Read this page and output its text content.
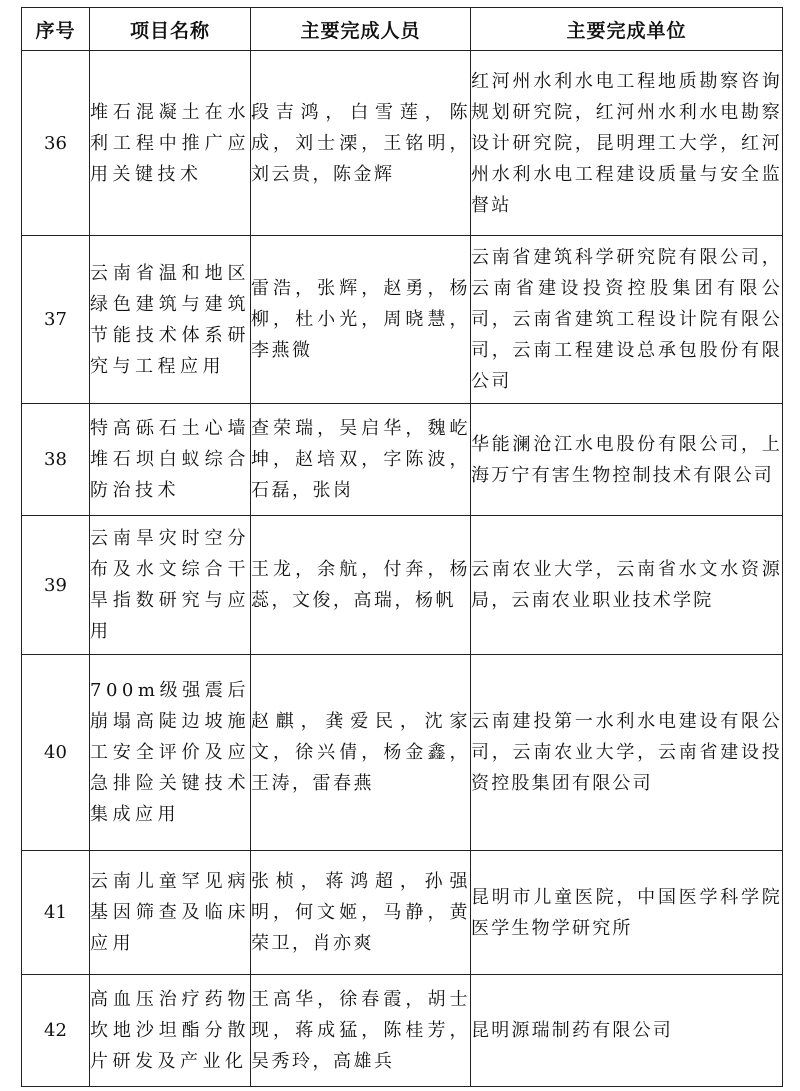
序号	项目名称	主要完成人员	主要完成单位
36	堆石混凝土在水利工程中推广应用关键技术	段吉鸿，白雪莲，陈成，刘士溧，王铭明，刘云贵，陈金辉	红河州水利水电工程地质勘察咨询规划研究院，红河州水利水电勘察设计研究院，昆明理工大学，红河州水利水电工程建设质量与安全监督站
37	云南省温和地区绿色建筑与建筑节能技术体系研究与工程应用	雷浩，张辉，赵勇，杨柳，杜小光，周晓慧，李燕微	云南省建筑科学研究院有限公司，云南省建设投资控股集团有限公司，云南省建筑工程设计院有限公司，云南工程建设总承包股份有限公司
38	特高砾石土心墙堆石坝白蚁综合防治技术	查荣瑞，吴启华，魏屹坤，赵培双，字陈波，石磊，张岗	华能澜沧江水电股份有限公司，上海万宁有害生物控制技术有限公司
39	云南旱灾时空分布及水文综合干旱指数研究与应用	王龙，余航，付奔，杨蕊，文俊，高瑞，杨帆	云南农业大学，云南省水文水资源局，云南农业职业技术学院
40	700m级强震后崩塌高陡边坡施工安全评价及应急排险关键技术集成应用	赵麒，龚爱民，沈家文，徐兴倩，杨金鑫，王涛，雷春燕	云南建投第一水利水电建设有限公司，云南农业大学，云南省建设投资控股集团有限公司
41	云南儿童罕见病基因筛查及临床应用	张桢，蒋鸿超，孙强明，何文姬，马静，黄荣卫，肖亦爽	昆明市儿童医院，中国医学科学院医学生物学研究所
42	高血压治疗药物坎地沙坦酯分散片研发及产业化	王高华，徐春霞，胡士现，蒋成猛，陈桂芳，吴秀玲，高雄兵	昆明源瑞制药有限公司
